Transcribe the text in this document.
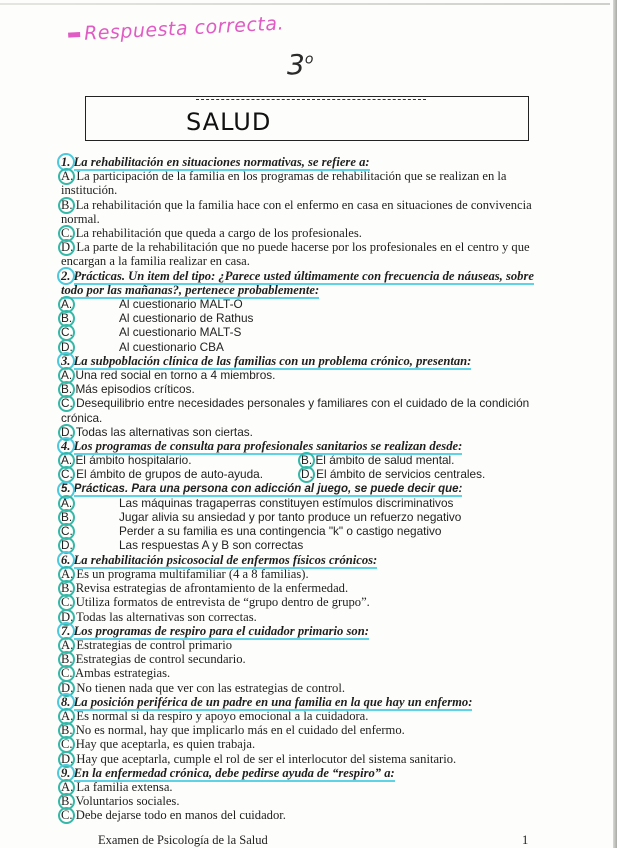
Respuesta correcta.
3$^o$
SALUD
1. La rehabilitación en situaciones normativas, se refiere a:
A. La participación de la familia en los programas de rehabilitación que se realizan en la institución.
B. La rehabilitación que la familia hace con el enfermo en casa en situaciones de convivencia normal.
C. La rehabilitación que queda a cargo de los profesionales.
D. La parte de la rehabilitación que no puede hacerse por los profesionales en el centro y que encargan a la familia realizar en casa.
2. Prácticas. Un item del tipo: ¿Parece usted últimamente con frecuencia de náuseas, sobre todo por las mañanas?, pertenece probablemente:
A.	Al cuestionario MALT-O
B.	Al cuestionario de Rathus
C.	Al cuestionario MALT-S
D.	Al cuestionario CBA
3. La subpoblación clínica de las familias con un problema crónico, presentan:
A. Una red social en torno a 4 miembros.
B. Más episodios críticos.
C. Desequilibrio entre necesidades personales y familiares con el cuidado de la condición crónica.
D. Todas las alternativas son ciertas.
4. Los programas de consulta para profesionales sanitarios se realizan desde:
A. El ámbito hospitalario.	B. El ámbito de salud mental.
C. El ámbito de grupos de auto-ayuda.	D. El ámbito de servicios centrales.
5. Prácticas. Para una persona con adicción al juego, se puede decir que:
A.	Las máquinas tragaperras constituyen estímulos discriminativos
B.	Jugar alivia su ansiedad y por tanto produce un refuerzo negativo
C.	Perder a su familia es una contingencia "k" o castigo negativo
D.	Las respuestas A y B son correctas
6. La rehabilitación psicosocial de enfermos físicos crónicos:
A. Es un programa multifamiliar (4 a 8 familias).
B. Revisa estrategias de afrontamiento de la enfermedad.
C. Utiliza formatos de entrevista de “grupo dentro de grupo”.
D. Todas las alternativas son correctas.
7. Los programas de respiro para el cuidador primario son:
A. Estrategias de control primario
B. Estrategias de control secundario.
C. Ambas estrategias.
D. No tienen nada que ver con las estrategias de control.
8. La posición periférica de un padre en una familia en la que hay un enfermo:
A. Es normal si da respiro y apoyo emocional a la cuidadora.
B. No es normal, hay que implicarlo más en el cuidado del enfermo.
C. Hay que aceptarla, es quien trabaja.
D. Hay que aceptarla, cumple el rol de ser el interlocutor del sistema sanitario.
9. En la enfermedad crónica, debe pedirse ayuda de “respiro” a:
A. La familia extensa.
B. Voluntarios sociales.
C. Debe dejarse todo en manos del cuidador.
Examen de Psicología de la Salud	1
